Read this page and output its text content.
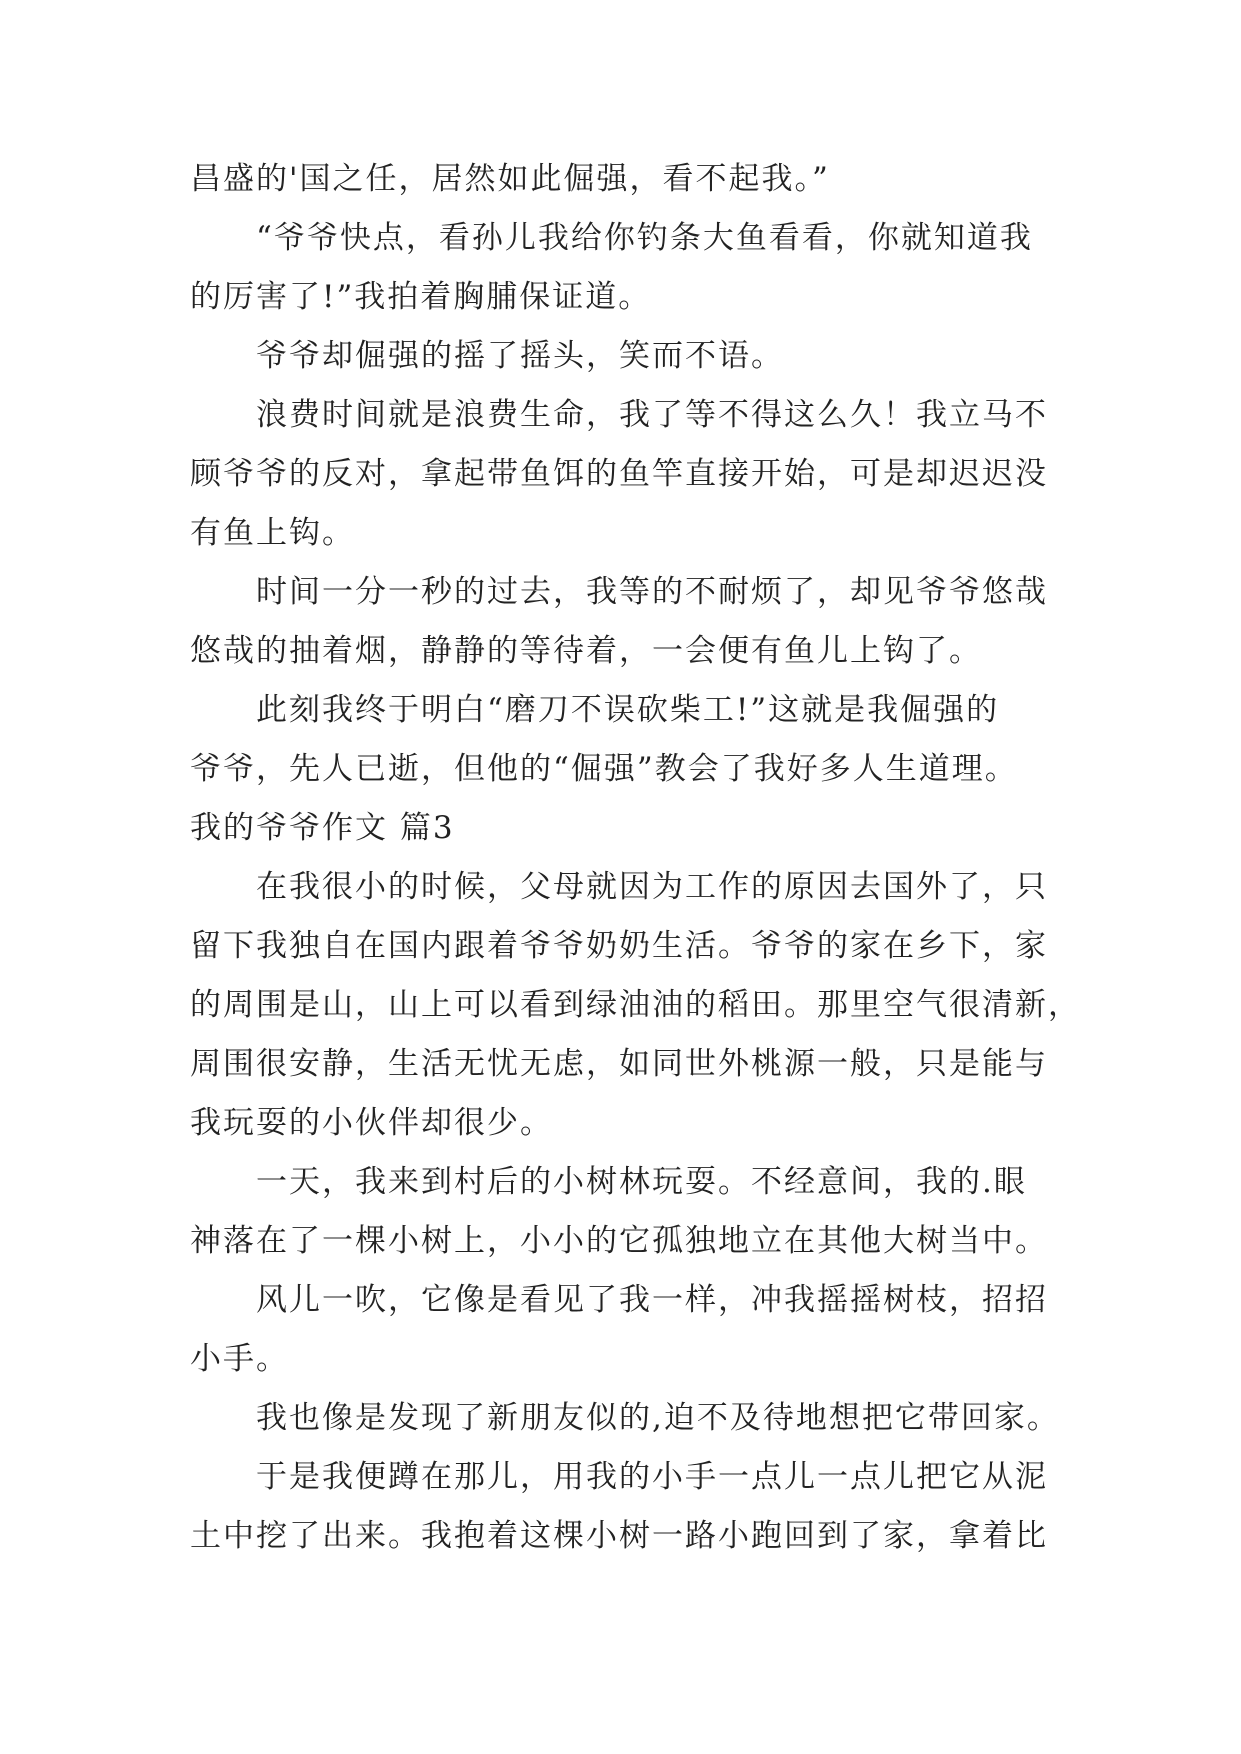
昌盛的'国之任，居然如此倔强，看不起我。”

“爷爷快点，看孙儿我给你钓条大鱼看看，你就知道我

的厉害了!”我拍着胸脯保证道。

爷爷却倔强的摇了摇头，笑而不语。

浪费时间就是浪费生命，我了等不得这么久！我立马不

顾爷爷的反对，拿起带鱼饵的鱼竿直接开始，可是却迟迟没

有鱼上钩。

时间一分一秒的过去，我等的不耐烦了，却见爷爷悠哉

悠哉的抽着烟，静静的等待着，一会便有鱼儿上钩了。

此刻我终于明白“磨刀不误砍柴工!”这就是我倔强的

爷爷，先人已逝，但他的“倔强”教会了我好多人生道理。

我的爷爷作文 篇3

在我很小的时候，父母就因为工作的原因去国外了，只

留下我独自在国内跟着爷爷奶奶生活。爷爷的家在乡下，家

的周围是山，山上可以看到绿油油的稻田。那里空气很清新，

周围很安静，生活无忧无虑，如同世外桃源一般，只是能与

我玩耍的小伙伴却很少。

一天，我来到村后的小树林玩耍。不经意间，我的.眼

神落在了一棵小树上，小小的它孤独地立在其他大树当中。

风儿一吹，它像是看见了我一样，冲我摇摇树枝，招招

小手。

我也像是发现了新朋友似的,迫不及待地想把它带回家。

于是我便蹲在那儿，用我的小手一点儿一点儿把它从泥

土中挖了出来。我抱着这棵小树一路小跑回到了家，拿着比
